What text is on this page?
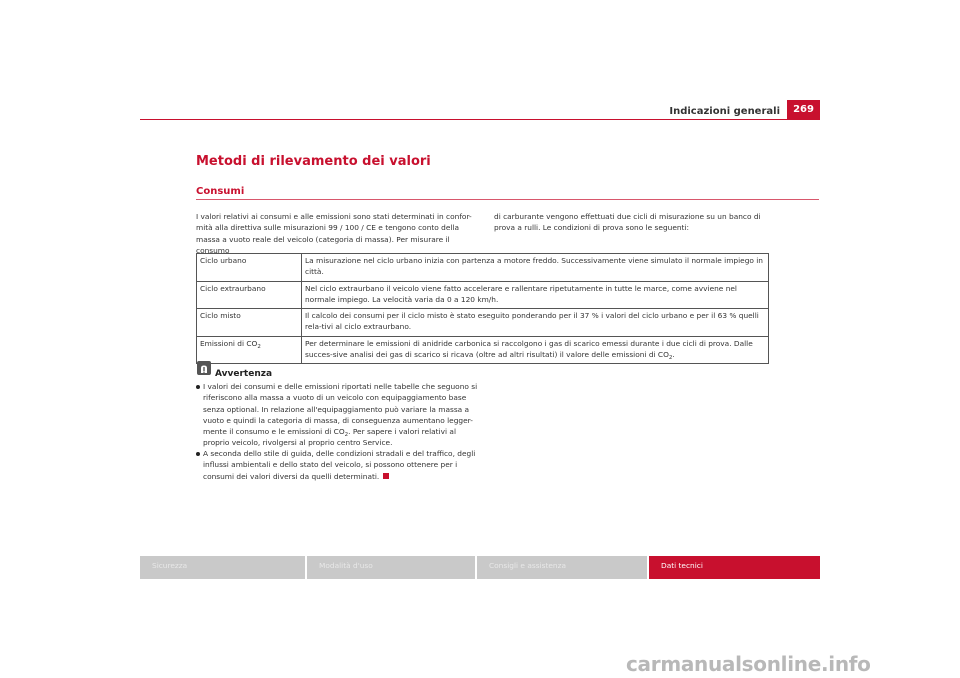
Indicazioni generali	269
Metodi di rilevamento dei valori
Consumi
I valori relativi ai consumi e alle emissioni sono stati determinati in confor-mità alla direttiva sulle misurazioni 99 / 100 / CE e tengono conto della massa a vuoto reale del veicolo (categoria di massa). Per misurare il consumo
di carburante vengono effettuati due cicli di misurazione su un banco di prova a rulli. Le condizioni di prova sono le seguenti:
Ciclo urbano	La misurazione nel ciclo urbano inizia con partenza a motore freddo. Successivamente viene simulato il normale impiego in città.
Ciclo extraurbano	Nel ciclo extraurbano il veicolo viene fatto accelerare e rallentare ripetutamente in tutte le marce, come avviene nel normale impiego. La velocità varia da 0 a 120 km/h.
Ciclo misto	Il calcolo dei consumi per il ciclo misto è stato eseguito ponderando per il 37 % i valori del ciclo urbano e per il 63 % quelli rela-tivi al ciclo extraurbano.
Emissioni di $CO_2$	Per determinare le emissioni di anidride carbonica si raccolgono i gas di scarico emessi durante i due cicli di prova. Dalle succes-sive analisi dei gas di scarico si ricava (oltre ad altri risultati) il valore delle emissioni di $CO_2$.
Avvertenza
I valori dei consumi e delle emissioni riportati nelle tabelle che seguono si riferiscono alla massa a vuoto di un veicolo con equipaggiamento base senza optional. In relazione all'equipaggiamento può variare la massa a vuoto e quindi la categoria di massa, di conseguenza aumentano legger-mente il consumo e le emissioni di $CO_2$. Per sapere i valori relativi al proprio veicolo, rivolgersi al proprio centro Service.
A seconda dello stile di guida, delle condizioni stradali e del traffico, degli influssi ambientali e dello stato del veicolo, si possono ottenere per i consumi dei valori diversi da quelli determinati.
Sicurezza	Modalità d'uso	Consigli e assistenza	Dati tecnici
carmanualsonline.info
